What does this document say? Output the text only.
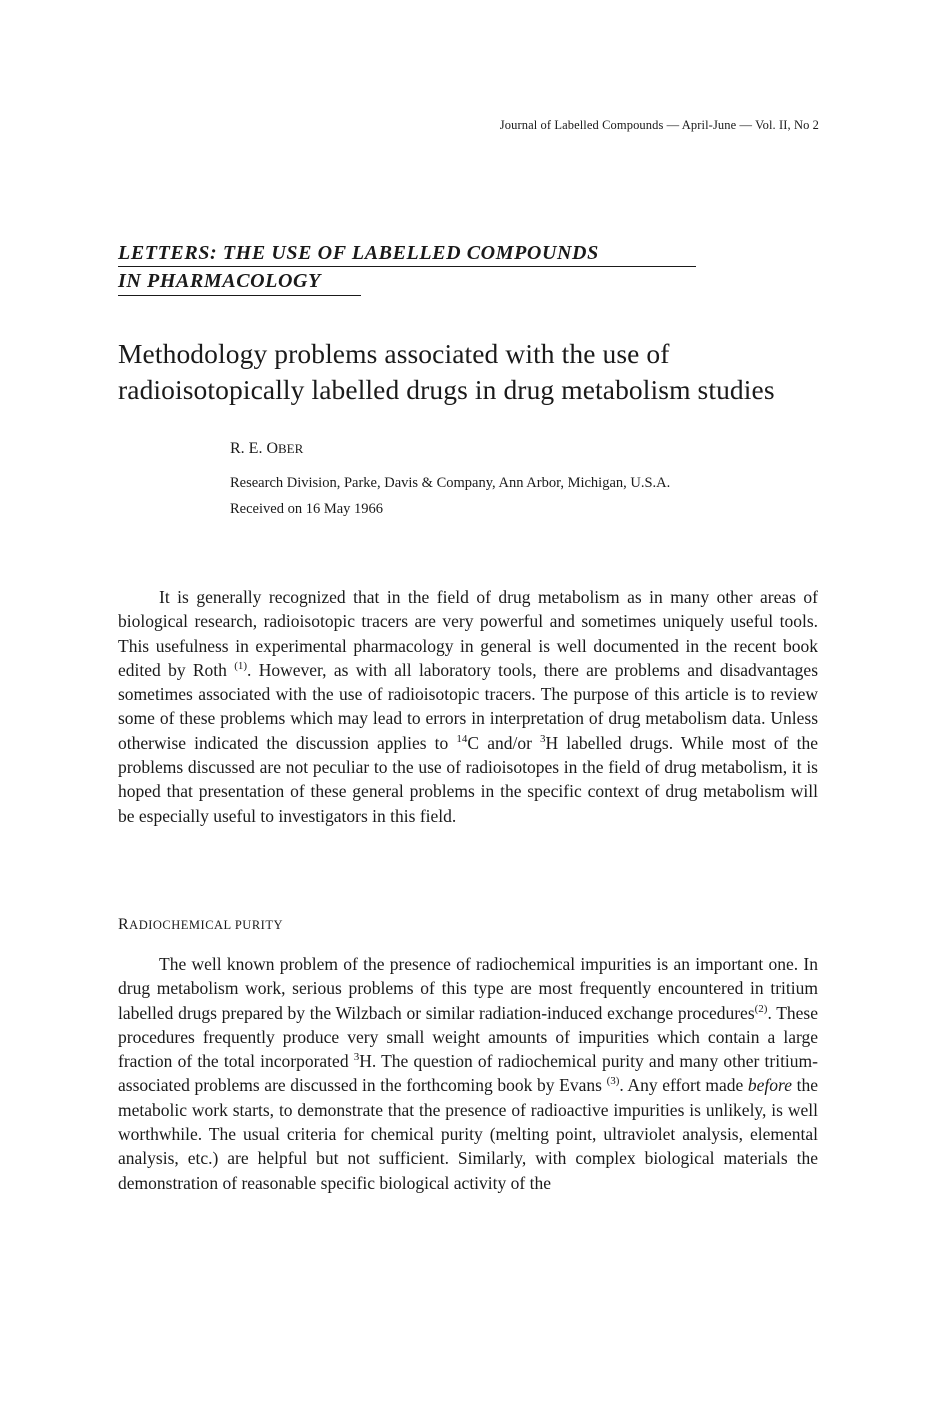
Journal of Labelled Compounds — April-June — Vol. II, No 2
LETTERS: THE USE OF LABELLED COMPOUNDS
IN PHARMACOLOGY
Methodology problems associated with the use of
radioisotopically labelled drugs in drug metabolism studies
R. E. OBER
Research Division, Parke, Davis & Company, Ann Arbor, Michigan, U.S.A.
Received on 16 May 1966

It is generally recognized that in the field of drug metabolism as in many other areas of biological research, radioisotopic tracers are very powerful and sometimes uniquely useful tools. This usefulness in experimental pharmacology in general is well documented in the recent book edited by Roth $^{(1)}$. However, as with all laboratory tools, there are problems and disadvantages sometimes associated with the use of radioisotopic tracers. The purpose of this article is to review some of these problems which may lead to errors in interpretation of drug metabolism data. Unless otherwise indicated the discussion applies to $^{14}$C and/or $^3$H labelled drugs. While most of the problems discussed are not peculiar to the use of radioisotopes in the field of drug metabolism, it is hoped that presentation of these general problems in the specific context of drug metabolism will be especially useful to investigators in this field.

RADIOCHEMICAL PURITY

The well known problem of the presence of radiochemical impurities is an important one. In drug metabolism work, serious problems of this type are most frequently encountered in tritium labelled drugs prepared by the Wilzbach or similar radiation-induced exchange procedures$^{(2)}$. These procedures frequently produce very small weight amounts of impurities which contain a large fraction of the total incorporated $^3$H. The question of radiochemical purity and many other tritium-associated problems are discussed in the forthcoming book by Evans $^{(3)}$. Any effort made before the metabolic work starts, to demonstrate that the presence of radioactive impurities is unlikely, is well worthwhile. The usual criteria for chemical purity (melting point, ultraviolet analysis, elemental analysis, etc.) are helpful but not sufficient. Similarly, with complex biological materials the demonstration of reasonable specific biological activity of the
